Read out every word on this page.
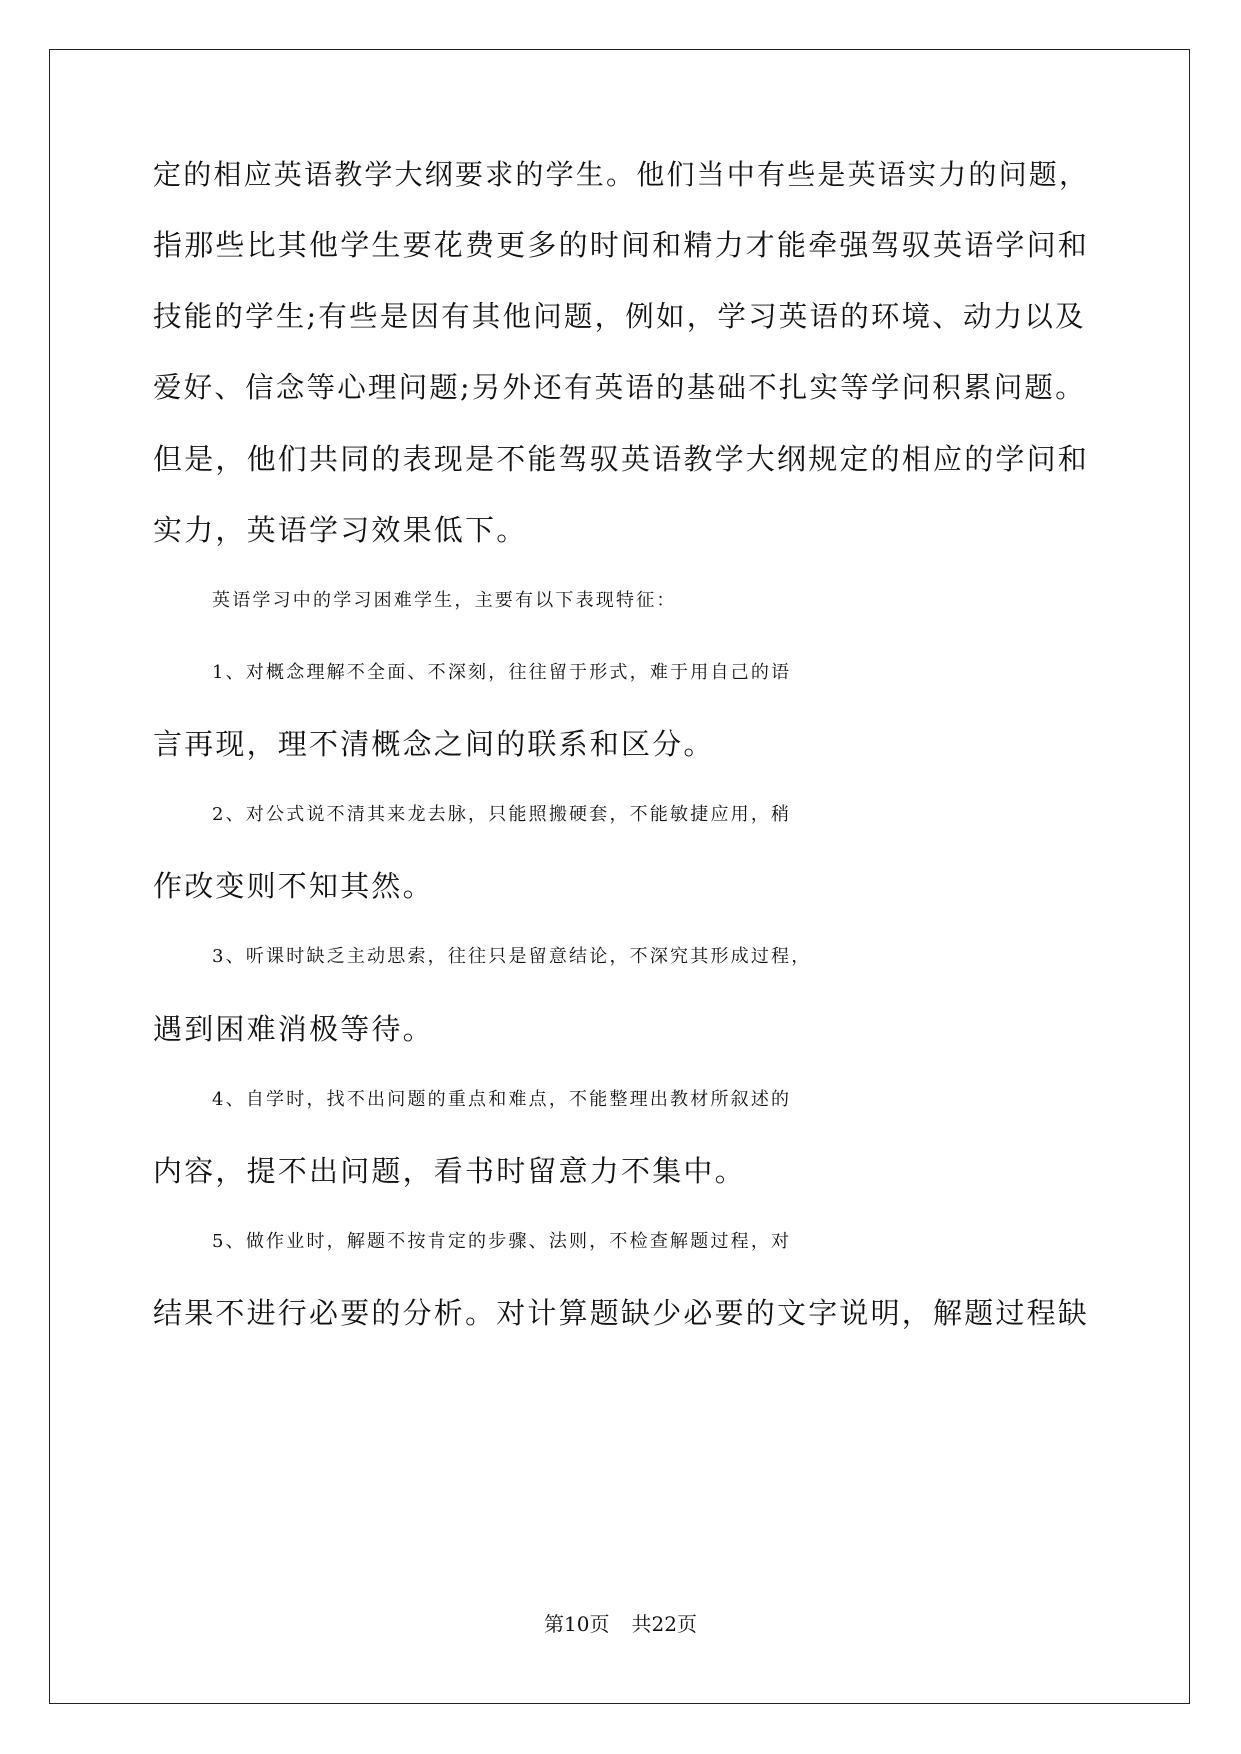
定的相应英语教学大纲要求的学生。他们当中有些是英语实力的问题，
指那些比其他学生要花费更多的时间和精力才能牵强驾驭英语学问和
技能的学生;有些是因有其他问题，例如，学习英语的环境、动力以及
爱好、信念等心理问题;另外还有英语的基础不扎实等学问积累问题。
但是，他们共同的表现是不能驾驭英语教学大纲规定的相应的学问和
实力，英语学习效果低下。
英语学习中的学习困难学生，主要有以下表现特征：
1、对概念理解不全面、不深刻，往往留于形式，难于用自己的语
言再现，理不清概念之间的联系和区分。
2、对公式说不清其来龙去脉，只能照搬硬套，不能敏捷应用，稍
作改变则不知其然。
3、听课时缺乏主动思索，往往只是留意结论，不深究其形成过程，
遇到困难消极等待。
4、自学时，找不出问题的重点和难点，不能整理出教材所叙述的
内容，提不出问题，看书时留意力不集中。
5、做作业时，解题不按肯定的步骤、法则，不检查解题过程，对
结果不进行必要的分析。对计算题缺少必要的文字说明，解题过程缺
第10页 共22页
